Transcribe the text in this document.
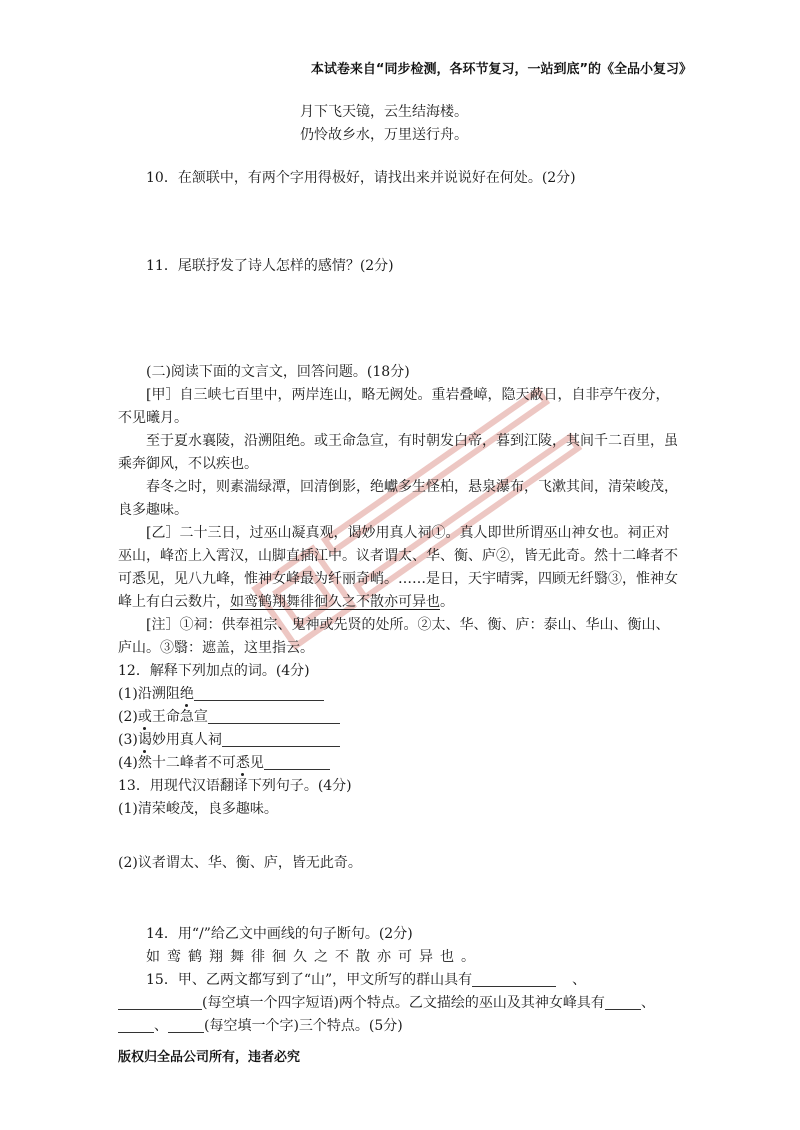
本试卷来自“同步检测，各环节复习，一站到底”的《全品小复习》
月下飞天镜，云生结海楼。
仍怜故乡水，万里送行舟。
10．在颔联中，有两个字用得极好，请找出来并说说好在何处。(2分)
11．尾联抒发了诗人怎样的感情？(2分)
(二)阅读下面的文言文，回答问题。(18分)
[甲］自三峡七百里中，两岸连山，略无阙处。重岩叠嶂，隐天蔽日，自非亭午夜分，
不见曦月。
至于夏水襄陵，沿溯阻绝。或王命急宣，有时朝发白帝，暮到江陵，其间千二百里，虽
乘奔御风，不以疾也。
春冬之时，则素湍绿潭，回清倒影，绝巘多生怪柏，悬泉瀑布，飞漱其间，清荣峻茂，
良多趣味。
[乙］二十三日，过巫山凝真观，谒妙用真人祠①。真人即世所谓巫山神女也。祠正对
巫山，峰峦上入霄汉，山脚直插江中。议者谓太、华、衡、庐②，皆无此奇。然十二峰者不
可悉见，见八九峰，惟神女峰最为纤丽奇峭。……是日，天宇晴霁，四顾无纤翳③，惟神女
峰上有白云数片，如鸾鹤翔舞徘徊久之不散亦可异也。
[注］①祠：供奉祖宗、鬼神或先贤的处所。②太、华、衡、庐：泰山、华山、衡山、
庐山。③翳：遮盖，这里指云。
12．解释下列加点的词。(4分)
(1)沿溯阻绝
(2)或王命急宣
(3)谒妙用真人祠
(4)然十二峰者不可悉见
13．用现代汉语翻译下列句子。(4分)
(1)清荣峻茂，良多趣味。
(2)议者谓太、华、衡、庐，皆无此奇。
14．用“/”给乙文中画线的句子断句。(2分)
如鸾鹤翔舞徘徊久之不散亦可异也。
15．甲、乙两文都写到了“山”，甲文所写的群山具有	、
(每空填一个四字短语)两个特点。乙文描绘的巫山及其神女峰具有	、
、	(每空填一个字)三个特点。(5分)
版权归全品公司所有，违者必究
